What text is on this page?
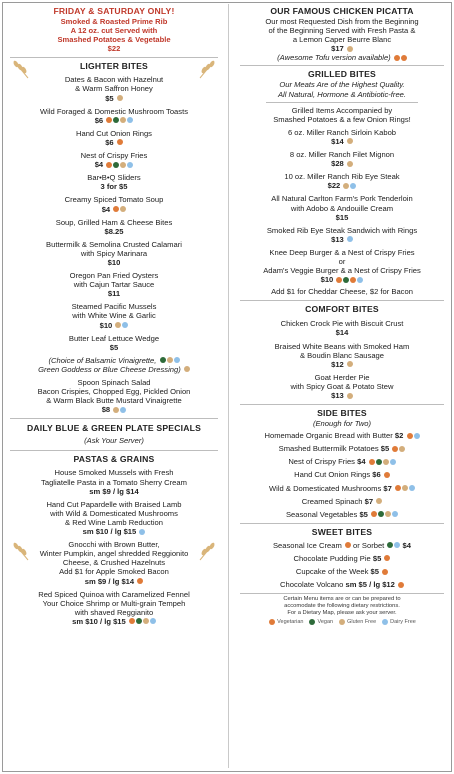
FRIDAY & SATURDAY ONLY!
Smoked & Roasted Prime Rib
A 12 oz. cut Served with
Smashed Potatoes & Vegetable
$22
LIGHTER BITES
Dates & Bacon with Hazelnut
& Warm Saffron Honey
$5
Wild Foraged & Domestic Mushroom Toasts
$6
Hand Cut Onion Rings
$6
Nest of Crispy Fries
$4
Bar•B•Q Sliders
3 for $5
Creamy Spiced Tomato Soup
$4
Soup, Grilled Ham & Cheese Bites
$8.25
Buttermilk & Semolina Crusted Calamari
with Spicy Marinara
$10
Oregon Pan Fried Oysters
with Cajun Tartar Sauce
$11
Steamed Pacific Mussels
with White Wine & Garlic
$10
Butter Leaf Lettuce Wedge
$5
(Choice of Balsamic Vinaigrette,
Green Goddess or Blue Cheese Dressing)
Spoon Spinach Salad
Bacon Crispies, Chopped Egg, Pickled Onion
& Warm Black Butte Mustard Vinaigrette
$8
DAILY BLUE & GREEN PLATE SPECIALS
(Ask Your Server)
PASTAS & GRAINS
House Smoked Mussels with Fresh
Tagliatelle Pasta in a Tomato Sherry Cream
sm $9 / lg $14
Hand Cut Papardelle with Braised Lamb
with Wild & Domesticated Mushrooms
& Red Wine Lamb Reduction
sm $10 / lg $15
Gnocchi with Brown Butter,
Winter Pumpkin, angel shredded Reggionito
Cheese, & Crushed Hazelnuts
Add $1 for Apple Smoked Bacon
sm $9 / lg $14
Red Spiced Quinoa with Caramelized Fennel
Your Choice Shrimp or Multi-grain Tempeh
with shaved Reggianito
sm $10 / lg $15
OUR FAMOUS CHICKEN PICATTA
Our most Requested Dish from the Beginning
of the Beginning Served with Fresh Pasta &
a Lemon Caper Beurre Blanc
$17
(Awesome Tofu version available)
GRILLED BITES
Our Meats Are of the Highest Quality.
All Natural, Hormone & Antibiotic-free.
Grilled Items Accompanied by
Smashed Potatoes & a few Onion Rings!
6 oz. Miller Ranch Sirloin Kabob
$14
8 oz. Miller Ranch Filet Mignon
$28
10 oz. Miller Ranch Rib Eye Steak
$22
All Natural Carlton Farm's Pork Tenderloin
with Adobo & Andouille Cream
$15
Smoked Rib Eye Steak Sandwich with Rings
$13
Knee Deep Burger & a Nest of Crispy Fries
or
Adam's Veggie Burger & a Nest of Crispy Fries
$10
Add $1 for Cheddar Cheese, $2 for Bacon
COMFORT BITES
Chicken Crock Pie with Biscuit Crust
$14
Braised White Beans with Smoked Ham
& Boudin Blanc Sausage
$12
Goat Herder Pie
with Spicy Goat & Potato Stew
$13
SIDE BITES
(Enough for Two)
Homemade Organic Bread with Butter $2
Smashed Buttermilk Potatoes $5
Nest of Crispy Fries $4
Hand Cut Onion Rings $6
Wild & Domesticated Mushrooms $7
Creamed Spinach $7
Seasonal Vegetables $5
SWEET BITES
Seasonal Ice Cream or Sorbet $4
Chocolate Pudding Pie $5
Cupcake of the Week $5
Chocolate Volcano sm $5 / lg $12
Certain Menu items are or can be prepared to
accomodate the following dietary restrictions.
For a Dietary Map, please ask your server.
Vegetarian	Vegan	Gluten Free	Dairy Free
